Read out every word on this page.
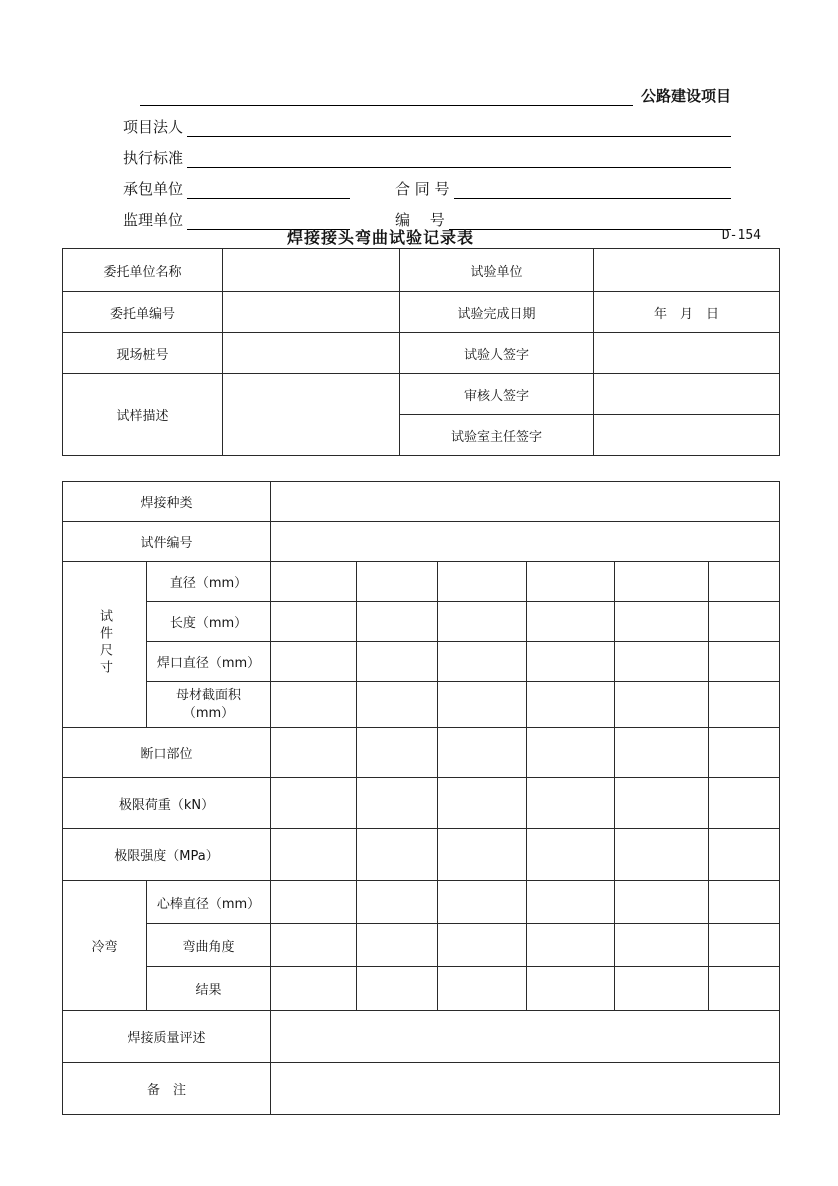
公路建设项目
项目法人
执行标准
承包单位	合 同 号
监理单位	编　 号
焊接接头弯曲试验记录表	D-154
委托单位名称		试验单位	
委托单编号		试验完成日期	年　月　日
现场桩号		试验人签字	
试样描述		审核人签字	
		试验室主任签字	
焊接种类							
试件编号							
试件尺寸	直径（mm）						
	长度（mm）						
	焊口直径（mm）						
	母材截面积（mm）						
断口部位							
极限荷重（kN）							
极限强度（MPa）							
冷弯	心棒直径（mm）						
	弯曲角度						
	结果						
焊接质量评述							
备　注							
